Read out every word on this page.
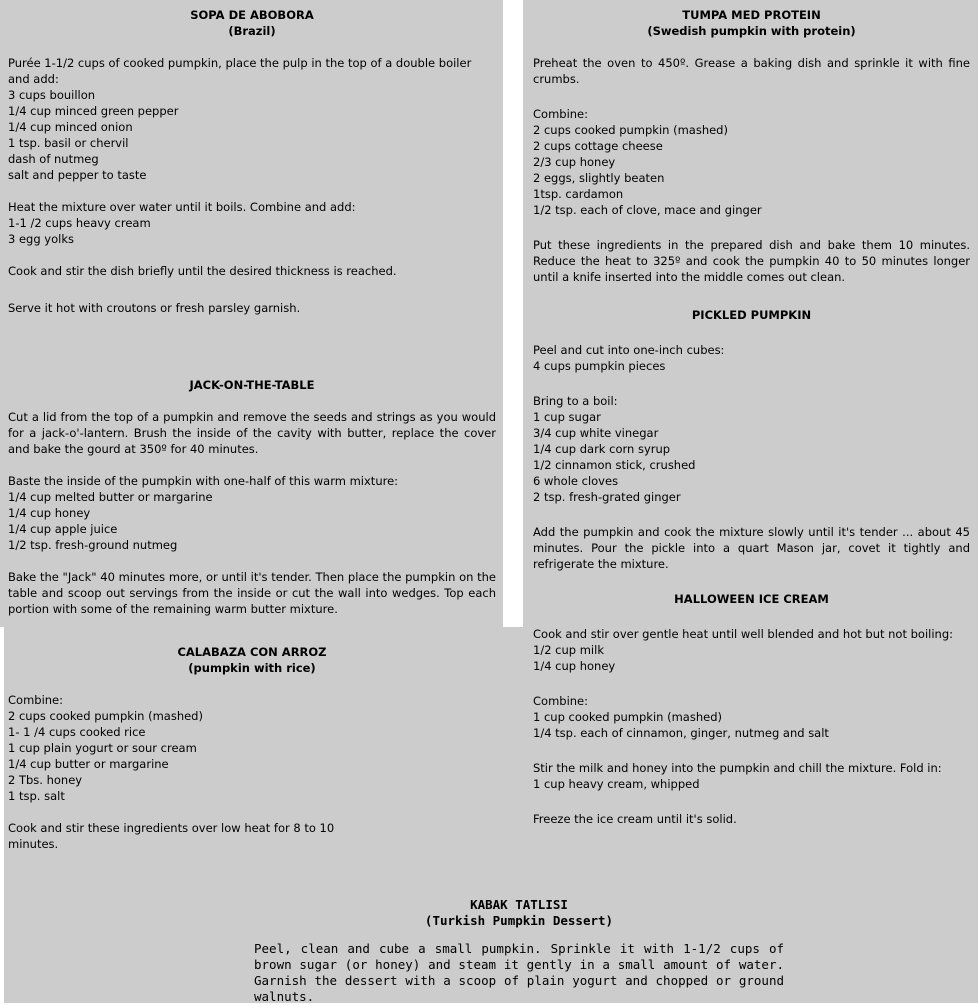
SOPA DE ABOBORA
(Brazil)

Purée 1-1/2 cups of cooked pumpkin, place the pulp in the top of a double boiler and add:

3 cups bouillon
1/4 cup minced green pepper
1/4 cup minced onion
1 tsp. basil or chervil
dash of nutmeg
salt and pepper to taste

Heat the mixture over water until it boils. Combine and add:

1-1 /2 cups heavy cream
3 egg yolks

Cook and stir the dish briefly until the desired thickness is reached.

Serve it hot with croutons or fresh parsley garnish.

JACK-ON-THE-TABLE

Cut a lid from the top of a pumpkin and remove the seeds and strings as you would for a jack-o'-lantern. Brush the inside of the cavity with butter, replace the cover and bake the gourd at 350º for 40 minutes.

Baste the inside of the pumpkin with one-half of this warm mixture:

1/4 cup melted butter or margarine
1/4 cup honey
1/4 cup apple juice
1/2 tsp. fresh-ground nutmeg

Bake the "Jack" 40 minutes more, or until it's tender. Then place the pumpkin on the table and scoop out servings from the inside or cut the wall into wedges. Top each portion with some of the remaining warm butter mixture.

CALABAZA CON ARROZ
(pumpkin with rice)

Combine:

2 cups cooked pumpkin (mashed)
1- 1 /4 cups cooked rice
1 cup plain yogurt or sour cream
1/4 cup butter or margarine
2 Tbs. honey
1 tsp. salt

Cook and stir these ingredients over low heat for 8 to 10 minutes.

TUMPA MED PROTEIN
(Swedish pumpkin with protein)

Preheat the oven to 450º. Grease a baking dish and sprinkle it with fine crumbs.

Combine:

2 cups cooked pumpkin (mashed)
2 cups cottage cheese
2/3 cup honey
2 eggs, slightly beaten
1tsp. cardamon
1/2 tsp. each of clove, mace and ginger

Put these ingredients in the prepared dish and bake them 10 minutes. Reduce the heat to 325º and cook the pumpkin 40 to 50 minutes longer until a knife inserted into the middle comes out clean.

PICKLED PUMPKIN

Peel and cut into one-inch cubes:

4 cups pumpkin pieces

Bring to a boil:

1 cup sugar
3/4 cup white vinegar
1/4 cup dark corn syrup
1/2 cinnamon stick, crushed
6 whole cloves
2 tsp. fresh-grated ginger

Add the pumpkin and cook the mixture slowly until it's tender ... about 45 minutes. Pour the pickle into a quart Mason jar, covet it tightly and refrigerate the mixture.

HALLOWEEN ICE CREAM

Cook and stir over gentle heat until well blended and hot but not boiling:

1/2 cup milk
1/4 cup honey

Combine:

1 cup cooked pumpkin (mashed)
1/4 tsp. each of cinnamon, ginger, nutmeg and salt

Stir the milk and honey into the pumpkin and chill the mixture. Fold in:

1 cup heavy cream, whipped

Freeze the ice cream until it's solid.

KABAK TATLISI
(Turkish Pumpkin Dessert)

Peel, clean and cube a small pumpkin. Sprinkle it with 1-1/2 cups of brown sugar (or honey) and steam it gently in a small amount of water. Garnish the dessert with a scoop of plain yogurt and chopped or ground walnuts.
